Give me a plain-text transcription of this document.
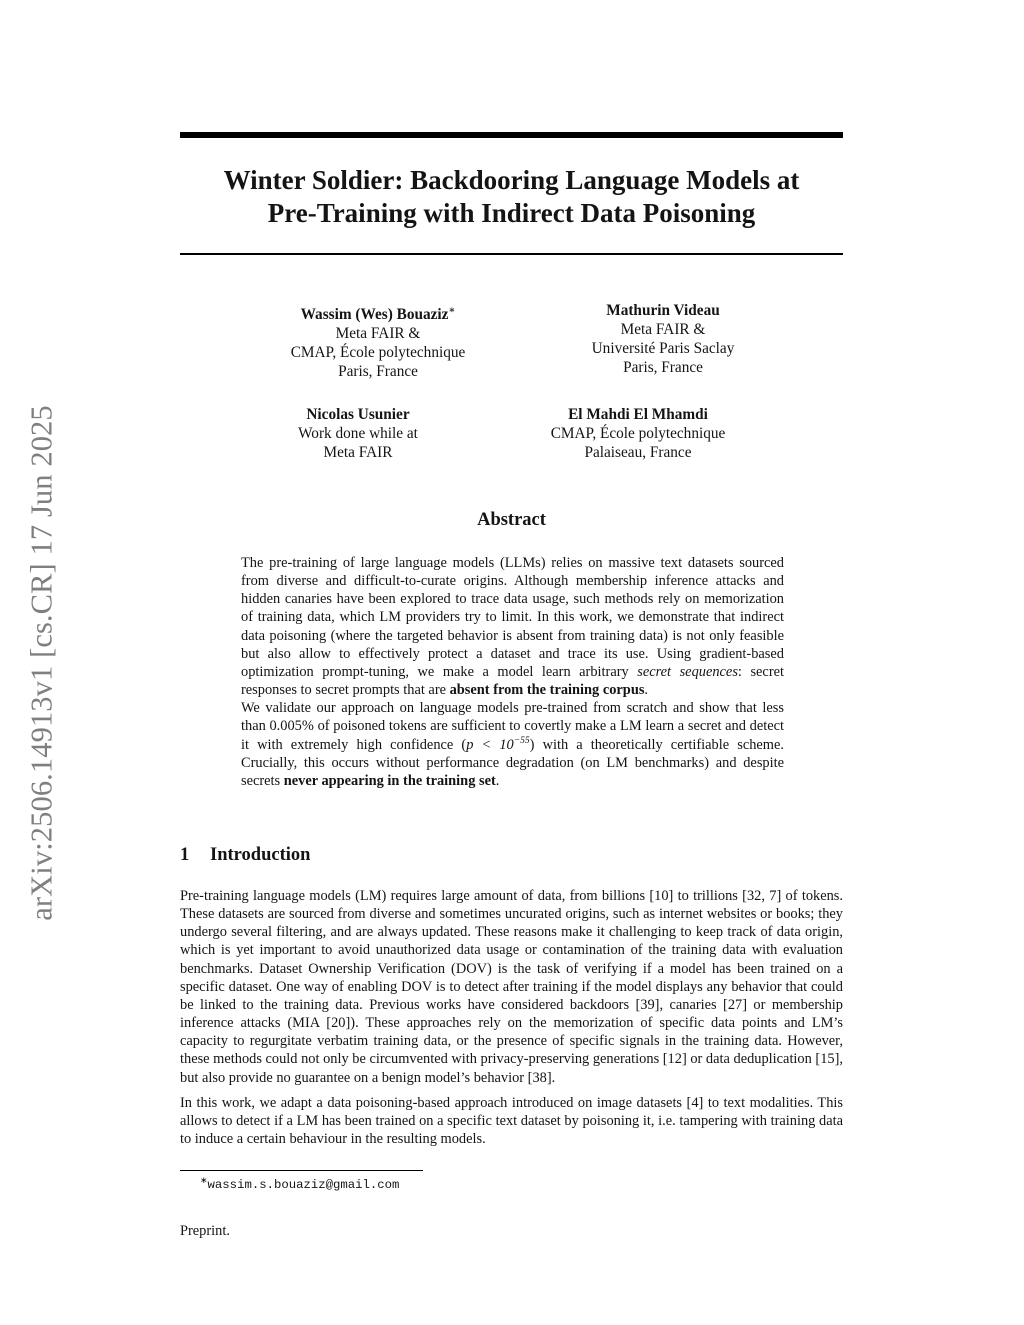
arXiv:2506.14913v1 [cs.CR] 17 Jun 2025
Winter Soldier: Backdooring Language Models at
Pre-Training with Indirect Data Poisoning
Wassim (Wes) Bouaziz∗
Meta FAIR &
CMAP, École polytechnique
Paris, France
Mathurin Videau
Meta FAIR &
Université Paris Saclay
Paris, France
Nicolas Usunier
Work done while at
Meta FAIR
El Mahdi El Mhamdi
CMAP, École polytechnique
Palaiseau, France
Abstract

The pre-training of large language models (LLMs) relies on massive text datasets sourced from diverse and difficult-to-curate origins. Although membership inference attacks and hidden canaries have been explored to trace data usage, such methods rely on memorization of training data, which LM providers try to limit. In this work, we demonstrate that indirect data poisoning (where the targeted behavior is absent from training data) is not only feasible but also allow to effectively protect a dataset and trace its use. Using gradient-based optimization prompt-tuning, we make a model learn arbitrary secret sequences: secret responses to secret prompts that are absent from the training corpus.

We validate our approach on language models pre-trained from scratch and show that less than 0.005% of poisoned tokens are sufficient to covertly make a LM learn a secret and detect it with extremely high confidence $(p < 10^{-55})$ with a theoretically certifiable scheme. Crucially, this occurs without performance degradation (on LM benchmarks) and despite secrets never appearing in the training set.

1 Introduction

Pre-training language models (LM) requires large amount of data, from billions [10] to trillions [32, 7] of tokens. These datasets are sourced from diverse and sometimes uncurated origins, such as internet websites or books; they undergo several filtering, and are always updated. These reasons make it challenging to keep track of data origin, which is yet important to avoid unauthorized data usage or contamination of the training data with evaluation benchmarks. Dataset Ownership Verification (DOV) is the task of verifying if a model has been trained on a specific dataset. One way of enabling DOV is to detect after training if the model displays any behavior that could be linked to the training data. Previous works have considered backdoors [39], canaries [27] or membership inference attacks (MIA [20]). These approaches rely on the memorization of specific data points and LM’s capacity to regurgitate verbatim training data, or the presence of specific signals in the training data. However, these methods could not only be circumvented with privacy-preserving generations [12] or data deduplication [15], but also provide no guarantee on a benign model’s behavior [38].

In this work, we adapt a data poisoning-based approach introduced on image datasets [4] to text modalities. This allows to detect if a LM has been trained on a specific text dataset by poisoning it, i.e. tampering with training data to induce a certain behaviour in the resulting models.

∗wassim.s.bouaziz@gmail.com
Preprint.
